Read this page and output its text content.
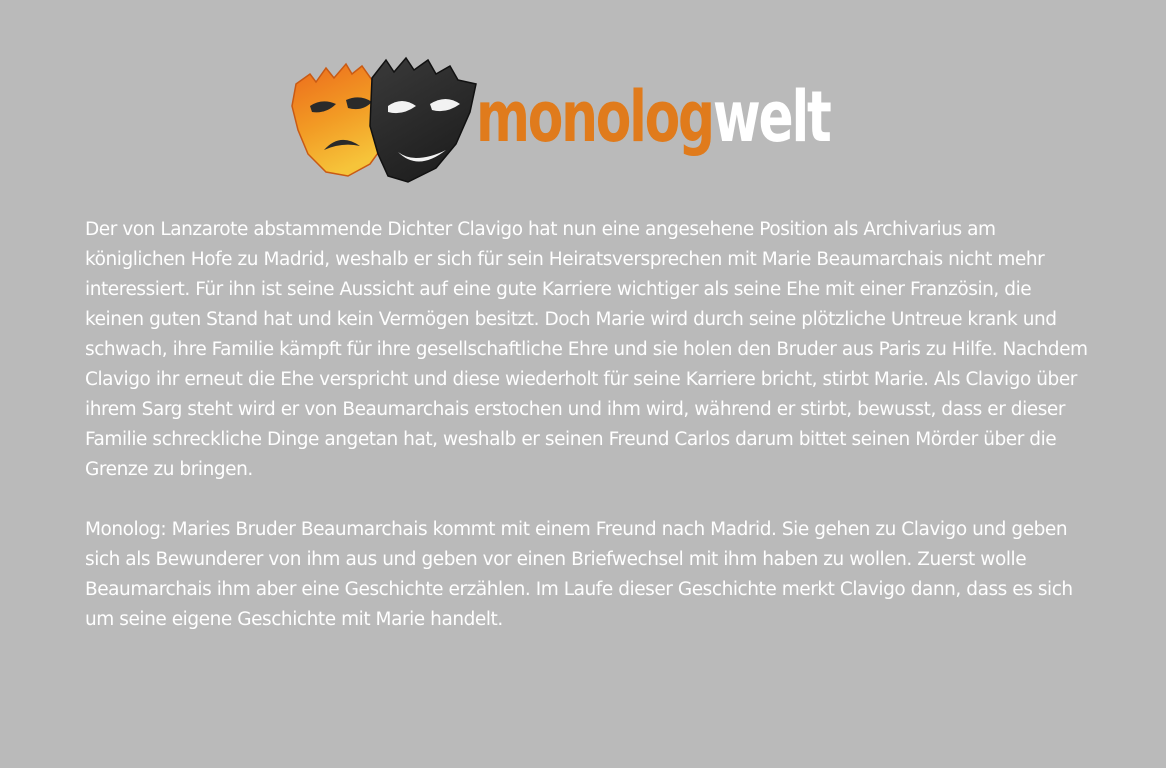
monologwelt

Der von Lanzarote abstammende Dichter Clavigo hat nun eine angesehene Position als Archivarius am königlichen Hofe zu Madrid, weshalb er sich für sein Heiratsversprechen mit Marie Beaumarchais nicht mehr interessiert. Für ihn ist seine Aussicht auf eine gute Karriere wichtiger als seine Ehe mit einer Französin, die keinen guten Stand hat und kein Vermögen besitzt. Doch Marie wird durch seine plötzliche Untreue krank und schwach, ihre Familie kämpft für ihre gesellschaftliche Ehre und sie holen den Bruder aus Paris zu Hilfe. Nachdem Clavigo ihr erneut die Ehe verspricht und diese wiederholt für seine Karriere bricht, stirbt Marie. Als Clavigo über ihrem Sarg steht wird er von Beaumarchais erstochen und ihm wird, während er stirbt, bewusst, dass er dieser Familie schreckliche Dinge angetan hat, weshalb er seinen Freund Carlos darum bittet seinen Mörder über die Grenze zu bringen.

Monolog: Maries Bruder Beaumarchais kommt mit einem Freund nach Madrid. Sie gehen zu Clavigo und geben sich als Bewunderer von ihm aus und geben vor einen Briefwechsel mit ihm haben zu wollen. Zuerst wolle Beaumarchais ihm aber eine Geschichte erzählen. Im Laufe dieser Geschichte merkt Clavigo dann, dass es sich um seine eigene Geschichte mit Marie handelt.
